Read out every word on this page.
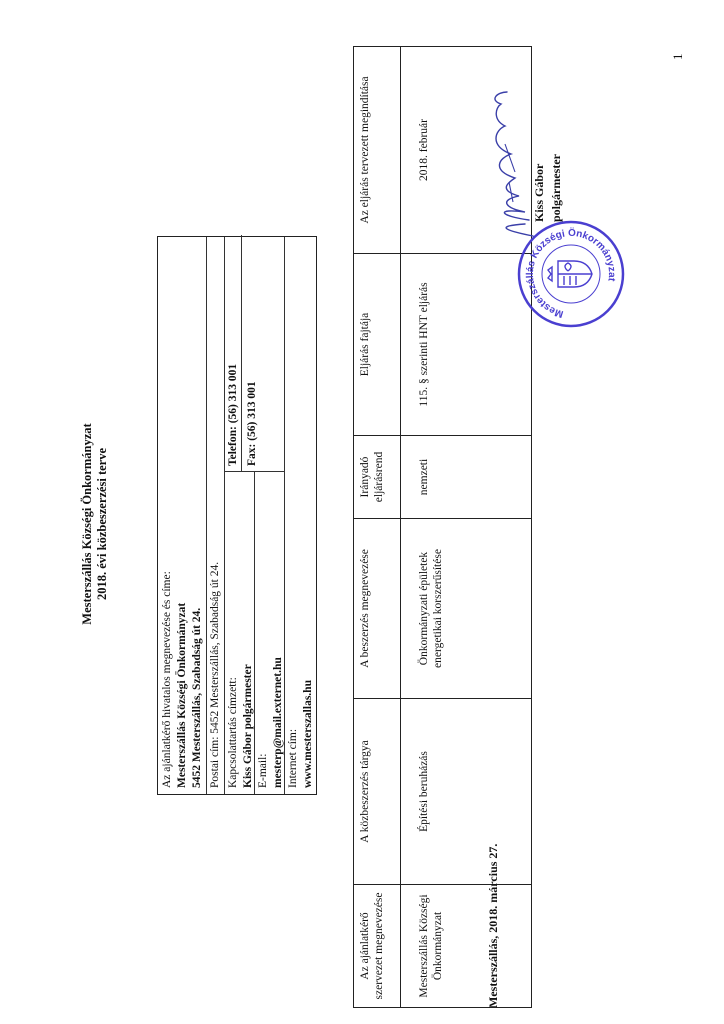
1
Mesterszállás Községi Önkormányzat 2018. évi közbeszerzési terve
Az ajánlatkérő hivatalos megnevezése és címe: Mesterszállás Községi Önkormányzat 5452 Mesterszállás, Szabadság út 24. Postai cím: 5452 Mesterszállás, Szabadság út 24. Kapcsolattartás címzett: Kiss Gábor polgármester
Telefon: (56) 313 001
E-mail: mesterp@mail.externet.hu
Fax: (56) 313 001
Internet cím: www.mesterszallas.hu
Az ajánlatkérő szervezet megnevezése	A közbeszerzés tárgya	A beszerzés megnevezése	Irányadó eljárásrend	Eljárás fajtája	Az eljárás tervezett megindítása
Mesterszállás Községi Önkormányzat	Építési beruházás	Önkormányzati épületek energetikai korszerűsítése	nemzeti	115. § szerinti HNT eljárás	2018. február
Mesterszállás, 2018. március 27.
Mesterszállás Községi Önkormányzat
Kiss Gábor polgármester
